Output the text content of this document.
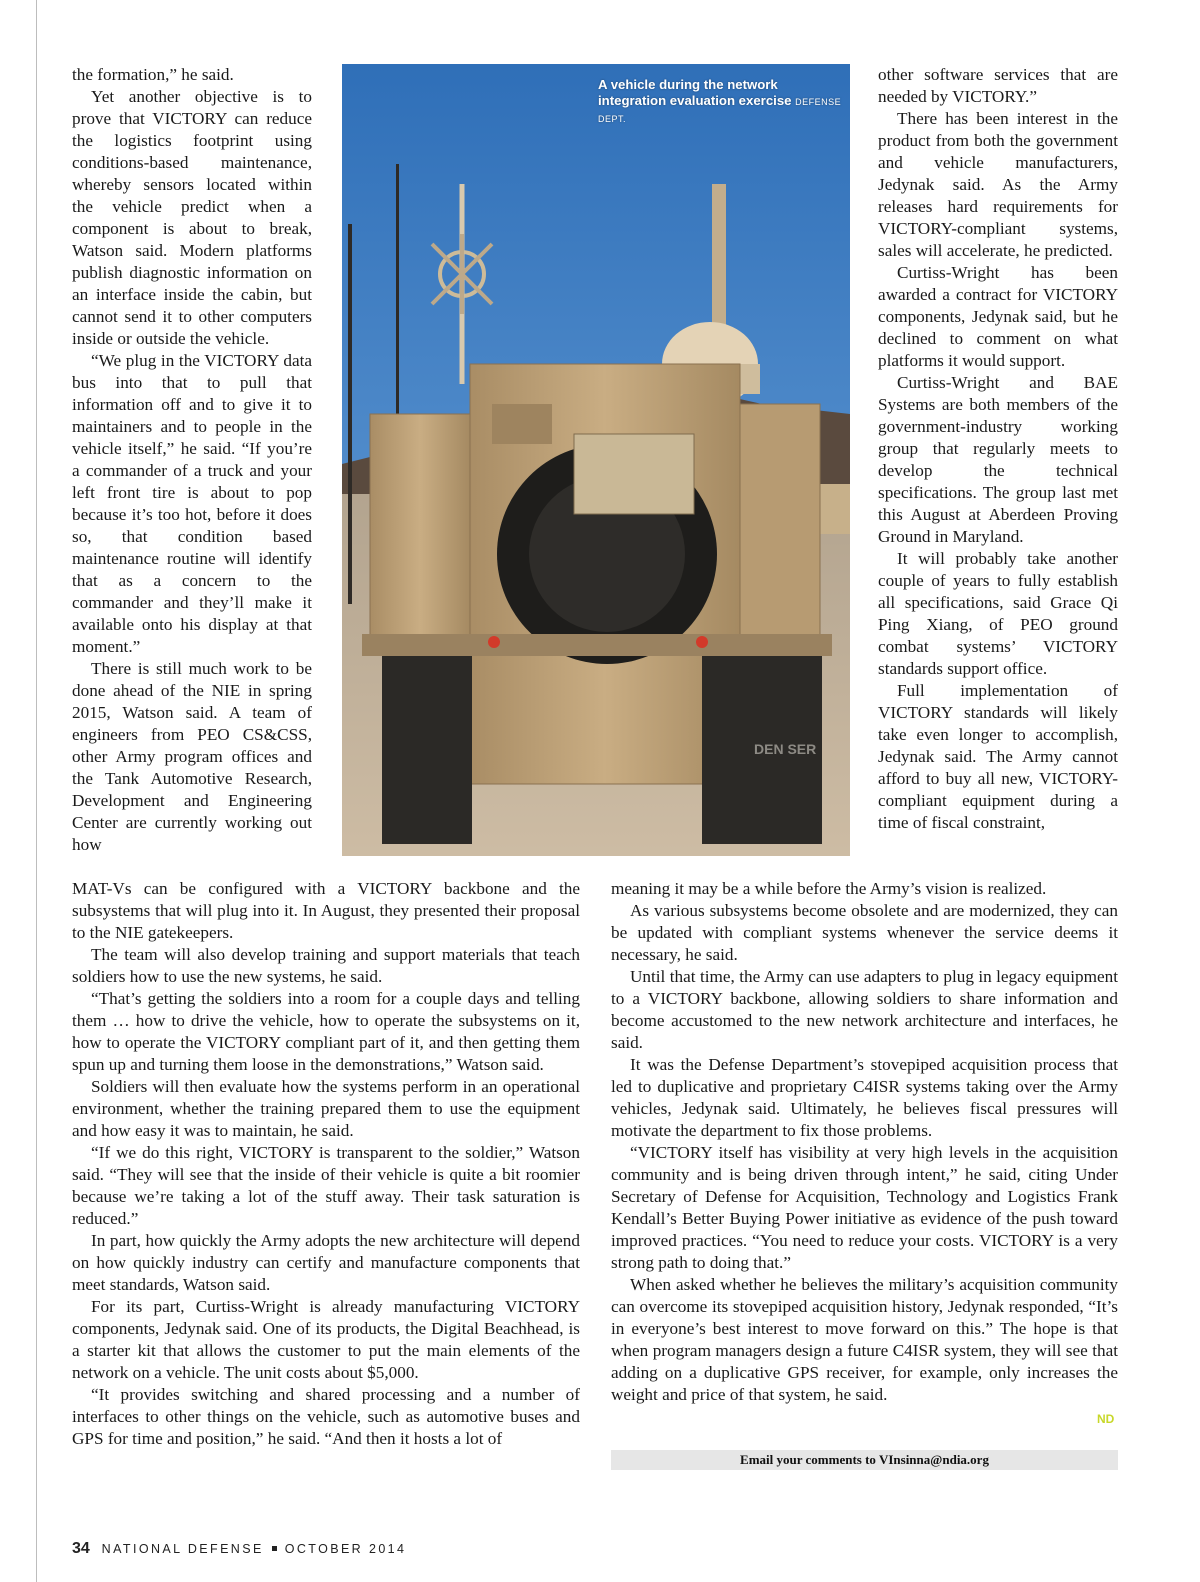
the formation,” he said.

Yet another objective is to prove that VICTORY can reduce the logistics footprint using conditions-based maintenance, whereby sensors located within the vehicle predict when a component is about to break, Watson said. Modern platforms publish diagnostic information on an interface inside the cabin, but cannot send it to other computers inside or outside the vehicle.

“We plug in the VICTORY data bus into that to pull that information off and to give it to maintainers and to people in the vehicle itself,” he said. “If you’re a commander of a truck and your left front tire is about to pop because it’s too hot, before it does so, that condition based maintenance routine will identify that as a concern to the commander and they’ll make it available onto his display at that moment.”

There is still much work to be done ahead of the NIE in spring 2015, Watson said. A team of engineers from PEO CS&CSS, other Army program offices and the Tank Automotive Research, Development and Engineering Center are currently working out how

DEN SER
A vehicle during the network integration evaluation exercise DEFENSE DEPT.

other software services that are needed by VICTORY.”

There has been interest in the product from both the government and vehicle manufacturers, Jedynak said. As the Army releases hard requirements for VICTORY-compliant systems, sales will accelerate, he predicted.

Curtiss-Wright has been awarded a contract for VICTORY components, Jedynak said, but he declined to comment on what platforms it would support.

Curtiss-Wright and BAE Systems are both members of the government-industry working group that regularly meets to develop the technical specifications. The group last met this August at Aberdeen Proving Ground in Maryland.

It will probably take another couple of years to fully establish all specifications, said Grace Qi Ping Xiang, of PEO ground combat systems’ VICTORY standards support office.

Full implementation of VICTORY standards will likely take even longer to accomplish, Jedynak said. The Army cannot afford to buy all new, VICTORY-compliant equipment during a time of fiscal constraint,

MAT-Vs can be configured with a VICTORY backbone and the subsystems that will plug into it. In August, they presented their proposal to the NIE gatekeepers.

The team will also develop training and support materials that teach soldiers how to use the new systems, he said.

“That’s getting the soldiers into a room for a couple days and telling them … how to drive the vehicle, how to operate the subsystems on it, how to operate the VICTORY compliant part of it, and then getting them spun up and turning them loose in the demonstrations,” Watson said.

Soldiers will then evaluate how the systems perform in an operational environment, whether the training prepared them to use the equipment and how easy it was to maintain, he said.

“If we do this right, VICTORY is transparent to the soldier,” Watson said. “They will see that the inside of their vehicle is quite a bit roomier because we’re taking a lot of the stuff away. Their task saturation is reduced.”

In part, how quickly the Army adopts the new architecture will depend on how quickly industry can certify and manufacture components that meet standards, Watson said.

For its part, Curtiss-Wright is already manufacturing VICTORY components, Jedynak said. One of its products, the Digital Beachhead, is a starter kit that allows the customer to put the main elements of the network on a vehicle. The unit costs about $5,000.

“It provides switching and shared processing and a number of interfaces to other things on the vehicle, such as automotive buses and GPS for time and position,” he said. “And then it hosts a lot of

meaning it may be a while before the Army’s vision is realized.

As various subsystems become obsolete and are modernized, they can be updated with compliant systems whenever the service deems it necessary, he said.

Until that time, the Army can use adapters to plug in legacy equipment to a VICTORY backbone, allowing soldiers to share information and become accustomed to the new network architecture and interfaces, he said.

It was the Defense Department’s stovepiped acquisition process that led to duplicative and proprietary C4ISR systems taking over the Army vehicles, Jedynak said. Ultimately, he believes fiscal pressures will motivate the department to fix those problems.

“VICTORY itself has visibility at very high levels in the acquisition community and is being driven through intent,” he said, citing Under Secretary of Defense for Acquisition, Technology and Logistics Frank Kendall’s Better Buying Power initiative as evidence of the push toward improved practices. “You need to reduce your costs. VICTORY is a very strong path to doing that.”

When asked whether he believes the military’s acquisition community can overcome its stovepiped acquisition history, Jedynak responded, “It’s in everyone’s best interest to move forward on this.” The hope is that when program managers design a future C4ISR system, they will see that adding on a duplicative GPS receiver, for example, only increases the weight and price of that system, he said.

ND
Email your comments to VInsinna@ndia.org
34 NATIONAL DEFENSE OCTOBER 2014
